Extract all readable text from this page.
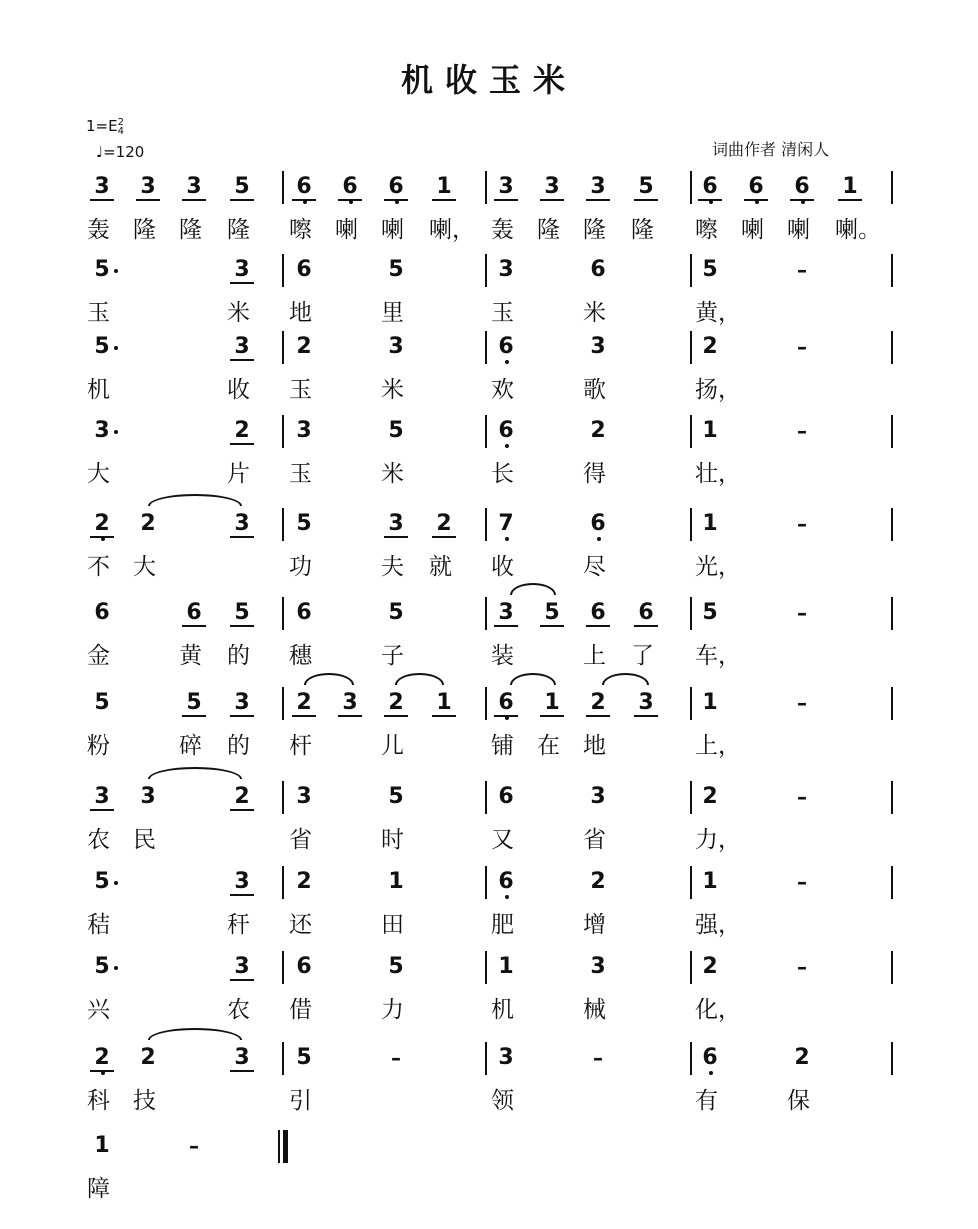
机收玉米
1=E2
4
♩=120	词曲作者 清闲人
3 3 3 5 6 6 6 1 3 3 3 5 6 6 6 1
轰	隆	隆	隆	嚓	喇	喇	喇， 轰	隆	隆	隆	嚓	喇	喇	喇。
5	3 6	5	3	6	5	–
玉	米	地	里	玉	米	黄，
5	3 2	3	6	3	2	–
机	收	玉	米	欢	歌	扬，
3	2 3	5	6	2	1	–
大	片	玉	米	长	得	壮，
2 2	3 5	3 2 7	6	1	–
不	大	功	夫	就	收	尽	光，
6	6 5 6	5	3 5 6 6 5	–
金	黄	的	穗	子	装	上	了	车，
5	5 3 2 3 2 1 6 1 2 3 1	–
粉	碎	的	杆	儿	铺	在	地	上，
3 3	2 3	5	6	3	2	–
农	民	省	时	又	省	力，
5	3 2	1	6	2	1	–
秸	秆	还	田	肥	增	强，
5	3 6	5	1	3	2	–
兴	农	借	力	机	械	化，
2 2	3 5	–	3	–	6	2
科	技	引	领	有	保
1	–
障
